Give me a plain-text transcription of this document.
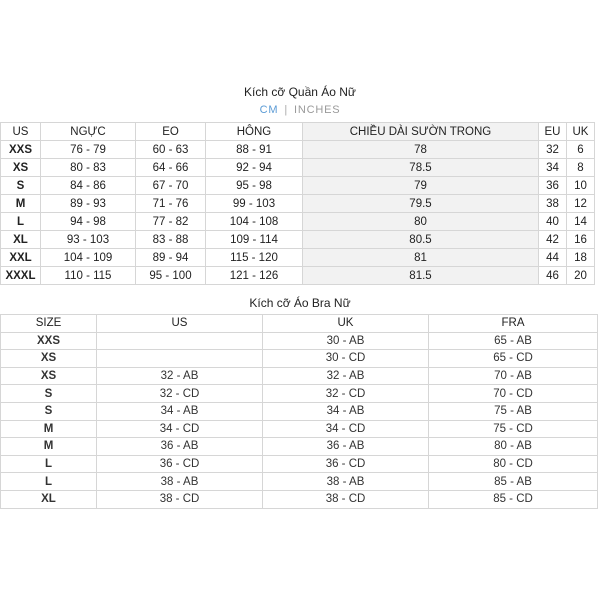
Kích cỡ Quần Áo Nữ
CM | INCHES
US	NGỰC	EO	HÔNG	CHIỀU DÀI SƯỜN TRONG	EU	UK
XXS	76 - 79	60 - 63	88 - 91	78	32	6
XS	80 - 83	64 - 66	92 - 94	78.5	34	8
S	84 - 86	67 - 70	95 - 98	79	36	10
M	89 - 93	71 - 76	99 - 103	79.5	38	12
L	94 - 98	77 - 82	104 - 108	80	40	14
XL	93 - 103	83 - 88	109 - 114	80.5	42	16
XXL	104 - 109	89 - 94	115 - 120	81	44	18
XXXL	110 - 115	95 - 100	121 - 126	81.5	46	20
Kích cỡ Áo Bra Nữ
SIZE	US	UK	FRA
XXS		30 - AB	65 - AB
XS		30 - CD	65 - CD
XS	32 - AB	32 - AB	70 - AB
S	32 - CD	32 - CD	70 - CD
S	34 - AB	34 - AB	75 - AB
M	34 - CD	34 - CD	75 - CD
M	36 - AB	36 - AB	80 - AB
L	36 - CD	36 - CD	80 - CD
L	38 - AB	38 - AB	85 - AB
XL	38 - CD	38 - CD	85 - CD
